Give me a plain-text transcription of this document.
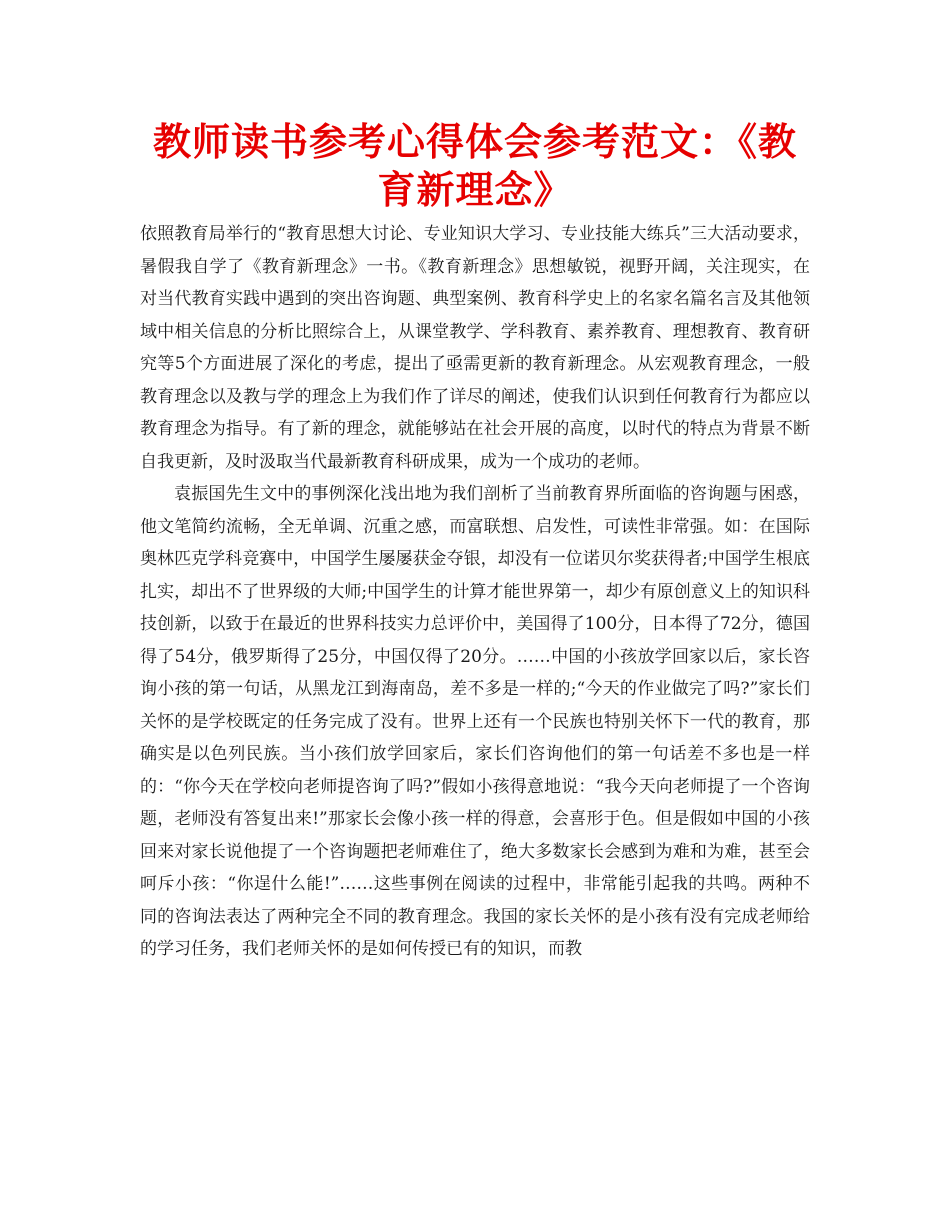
教师读书参考心得体会参考范文：《教育新理念》

依照教育局举行的“教育思想大讨论、专业知识大学习、专业技能大练兵”三大活动要求，暑假我自学了《教育新理念》一书。《教育新理念》思想敏锐，视野开阔，关注现实，在对当代教育实践中遇到的突出咨询题、典型案例、教育科学史上的名家名篇名言及其他领域中相关信息的分析比照综合上，从课堂教学、学科教育、素养教育、理想教育、教育研究等5个方面进展了深化的考虑，提出了亟需更新的教育新理念。从宏观教育理念，一般教育理念以及教与学的理念上为我们作了详尽的阐述，使我们认识到任何教育行为都应以教育理念为指导。有了新的理念，就能够站在社会开展的高度，以时代的特点为背景不断自我更新，及时汲取当代最新教育科研成果，成为一个成功的老师。

袁振国先生文中的事例深化浅出地为我们剖析了当前教育界所面临的咨询题与困惑，他文笔简约流畅，全无单调、沉重之感，而富联想、启发性，可读性非常强。如：在国际奥林匹克学科竞赛中，中国学生屡屡获金夺银，却没有一位诺贝尔奖获得者;中国学生根底扎实，却出不了世界级的大师;中国学生的计算才能世界第一，却少有原创意义上的知识科技创新，以致于在最近的世界科技实力总评价中，美国得了100分，日本得了72分，德国得了54分，俄罗斯得了25分，中国仅得了20分。……中国的小孩放学回家以后，家长咨询小孩的第一句话，从黑龙江到海南岛，差不多是一样的;“今天的作业做完了吗?”家长们关怀的是学校既定的任务完成了没有。世界上还有一个民族也特别关怀下一代的教育，那确实是以色列民族。当小孩们放学回家后，家长们咨询他们的第一句话差不多也是一样的：“你今天在学校向老师提咨询了吗?”假如小孩得意地说：“我今天向老师提了一个咨询题，老师没有答复出来!”那家长会像小孩一样的得意，会喜形于色。但是假如中国的小孩回来对家长说他提了一个咨询题把老师难住了，绝大多数家长会感到为难和为难，甚至会呵斥小孩：“你逞什么能!”……这些事例在阅读的过程中，非常能引起我的共鸣。两种不同的咨询法表达了两种完全不同的教育理念。我国的家长关怀的是小孩有没有完成老师给的学习任务，我们老师关怀的是如何传授已有的知识，而教
